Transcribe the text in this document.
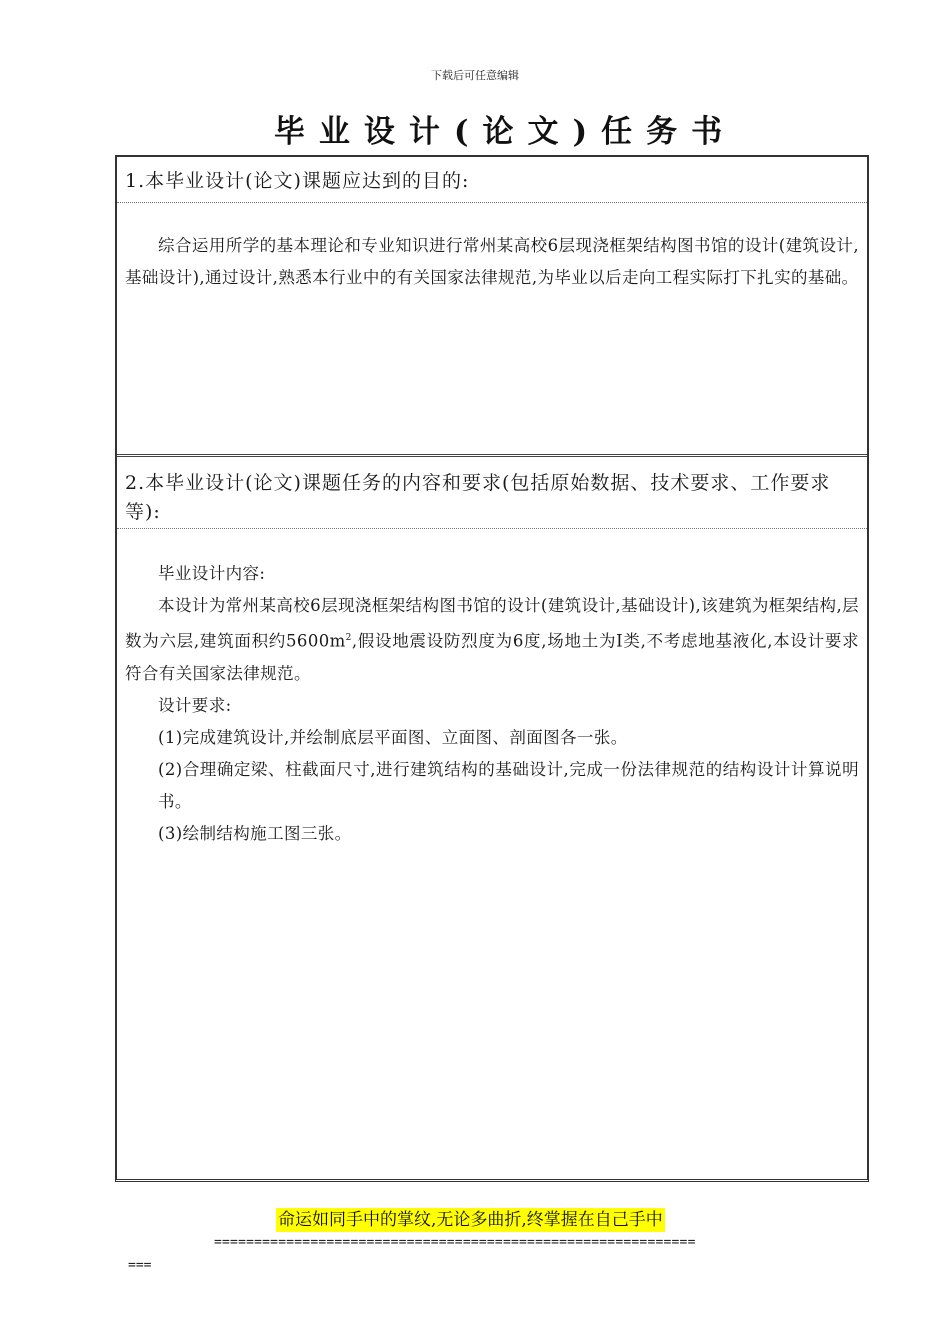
下载后可任意编辑
毕业设计(论文)任务书
1.本毕业设计(论文)课题应达到的目的:
综合运用所学的基本理论和专业知识进行常州某高校6层现浇框架结构图书馆的设计(建筑设计,基础设计),通过设计,熟悉本行业中的有关国家法律规范,为毕业以后走向工程实际打下扎实的基础。
2.本毕业设计(论文)课题任务的内容和要求(包括原始数据、技术要求、工作要求等):
毕业设计内容:
本设计为常州某高校6层现浇框架结构图书馆的设计(建筑设计,基础设计),该建筑为框架结构,层数为六层,建筑面积约$5600m^2$,假设地震设防烈度为6度,场地土为Ⅰ类,不考虑地基液化,本设计要求符合有关国家法律规范。
设计要求:
(1)完成建筑设计,并绘制底层平面图、立面图、剖面图各一张。
(2)合理确定梁、柱截面尺寸,进行建筑结构的基础设计,完成一份法律规范的结构设计计算说明书。
(3)绘制结构施工图三张。
命运如同手中的掌纹,无论多曲折,终掌握在自己手中
============================================================
===
